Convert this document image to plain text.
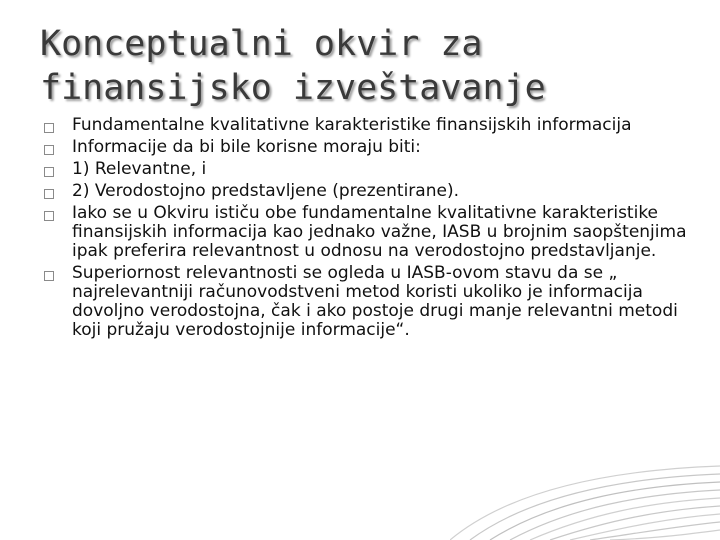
Konceptualni okvir za finansijsko izveštavanje
Fundamentalne kvalitativne karakteristike finansijskih informacija
Informacije da bi bile korisne moraju biti:
1) Relevantne, i
2) Verodostojno predstavljene (prezentirane).
Iako se u Okviru ističu obe fundamentalne kvalitativne karakteristike finansijskih informacija kao jednako važne, IASB u brojnim saopštenjima ipak preferira relevantnost u odnosu na verodostojno predstavljanje.
Superiornost relevantnosti se ogleda u IASB-ovom stavu da se „ najrelevantniji računovodstveni metod koristi ukoliko je informacija dovoljno verodostojna, čak i ako postoje drugi manje relevantni metodi koji pružaju verodostojnije informacije“.
